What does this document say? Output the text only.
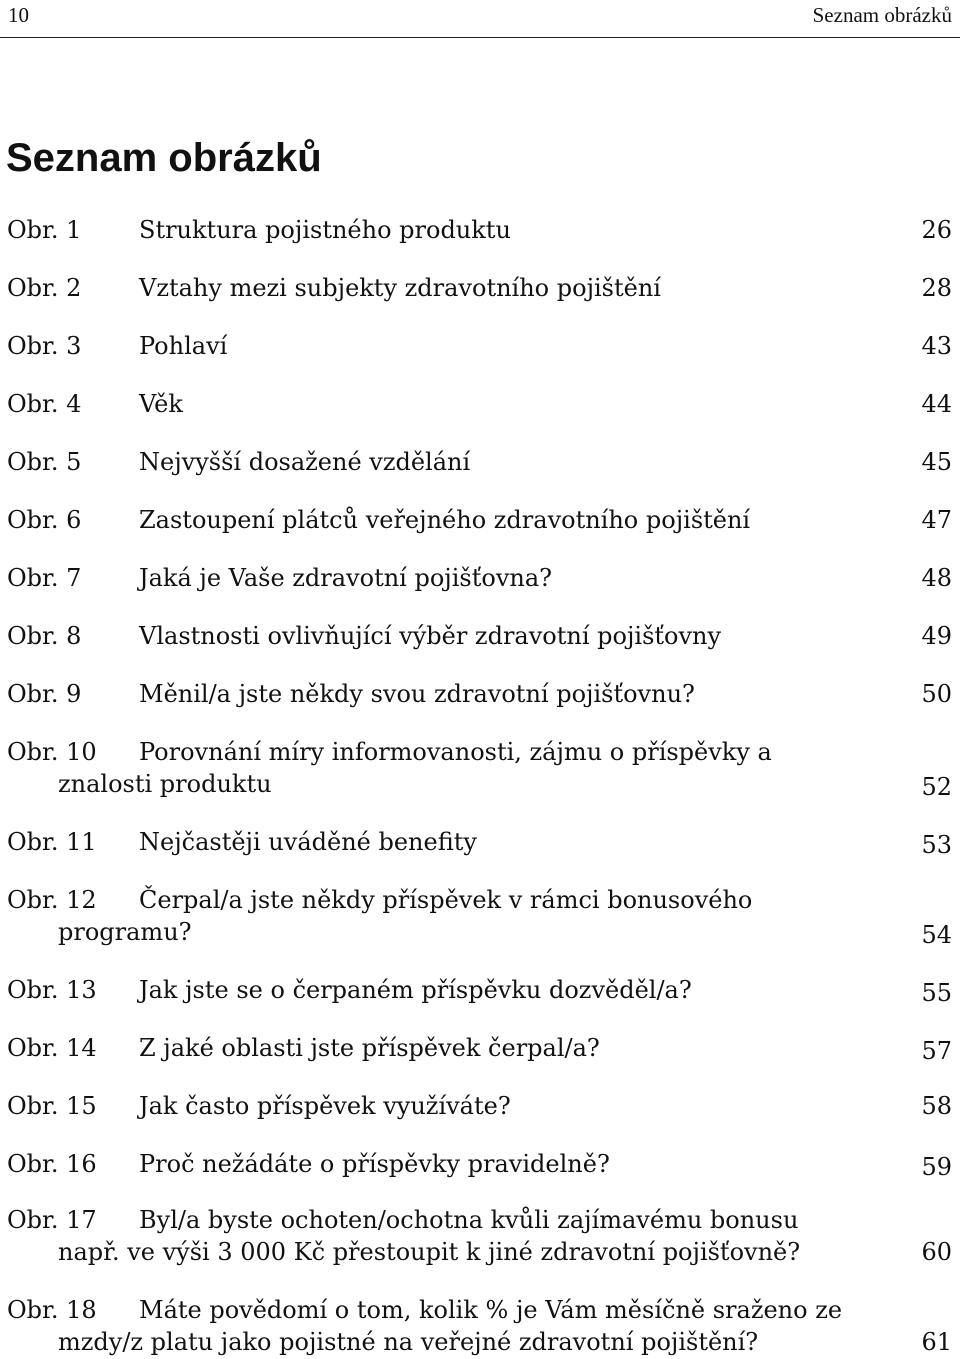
10	Seznam obrázků
Seznam obrázků
Obr. 1 Struktura pojistného produktu	26
Obr. 2 Vztahy mezi subjekty zdravotního pojištění	28
Obr. 3 Pohlaví	43
Obr. 4 Věk	44
Obr. 5 Nejvyšší dosažené vzdělání	45
Obr. 6 Zastoupení plátců veřejného zdravotního pojištění	47
Obr. 7 Jaká je Vaše zdravotní pojišťovna?	48
Obr. 8 Vlastnosti ovlivňující výběr zdravotní pojišťovny	49
Obr. 9 Měnil/a jste někdy svou zdravotní pojišťovnu?	50
Obr. 10 Porovnání míry informovanosti, zájmu o příspěvky a
znalosti produktu	52
Obr. 11 Nejčastěji uváděné benefity	53
Obr. 12 Čerpal/a jste někdy příspěvek v rámci bonusového
programu?	54
Obr. 13 Jak jste se o čerpaném příspěvku dozvěděl/a?	55
Obr. 14 Z jaké oblasti jste příspěvek čerpal/a?	57
Obr. 15 Jak často příspěvek využíváte?	58
Obr. 16 Proč nežádáte o příspěvky pravidelně?	59
Obr. 17 Byl/a byste ochoten/ochotna kvůli zajímavému bonusu
např. ve výši 3 000 Kč přestoupit k jiné zdravotní pojišťovně?	60
Obr. 18 Máte povědomí o tom, kolik % je Vám měsíčně sraženo ze
mzdy/z platu jako pojistné na veřejné zdravotní pojištění?	61
